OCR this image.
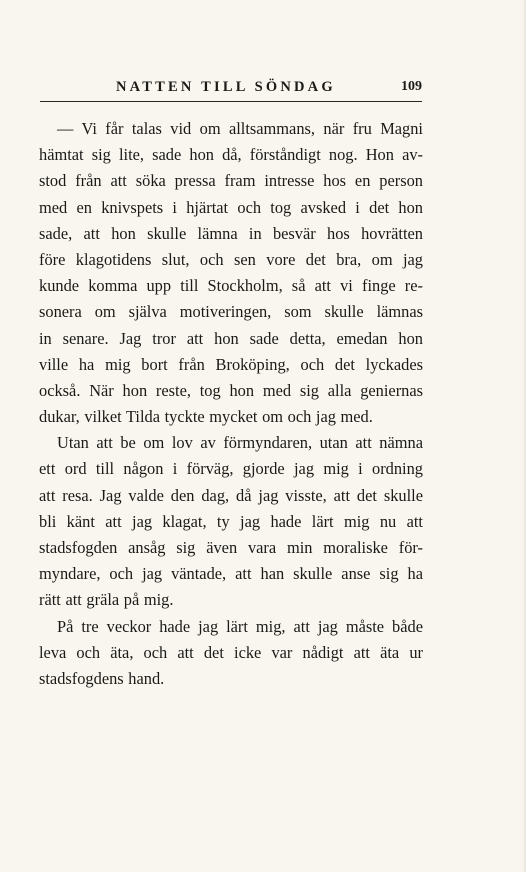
NATTEN TILL SÖNDAG	109
— Vi får talas vid om alltsammans, när fru Magni
hämtat sig lite, sade hon då, förståndigt nog. Hon av-
stod från att söka pressa fram intresse hos en person
med en knivspets i hjärtat och tog avsked i det hon
sade, att hon skulle lämna in besvär hos hovrätten
före klagotidens slut, och sen vore det bra, om jag
kunde komma upp till Stockholm, så att vi finge re-
sonera om själva motiveringen, som skulle lämnas
in senare. Jag tror att hon sade detta, emedan hon
ville ha mig bort från Broköping, och det lyckades
också. När hon reste, tog hon med sig alla geniernas
dukar, vilket Tilda tyckte mycket om och jag med.
Utan att be om lov av förmyndaren, utan att nämna
ett ord till någon i förväg, gjorde jag mig i ordning
att resa. Jag valde den dag, då jag visste, att det skulle
bli känt att jag klagat, ty jag hade lärt mig nu att
stadsfogden ansåg sig även vara min moraliske för-
myndare, och jag väntade, att han skulle anse sig ha
rätt att gräla på mig.
På tre veckor hade jag lärt mig, att jag måste både
leva och äta, och att det icke var nådigt att äta ur
stadsfogdens hand.
